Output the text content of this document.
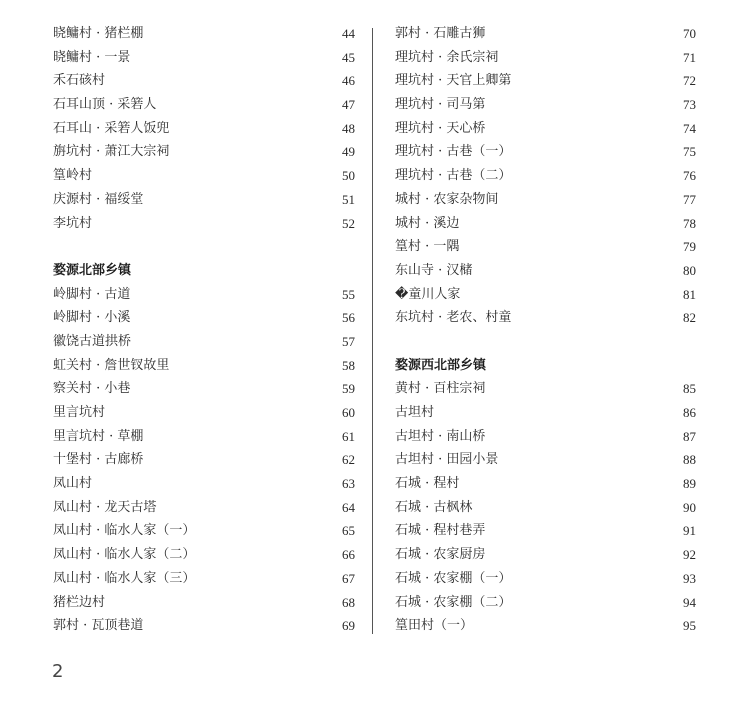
晓鳙村 · 猪栏棚	44
晓鳙村 · 一景	45
禾石硋村	46
石耳山顶 · 采箬人	47
石耳山 · 采箬人饭兜	48
旃坑村 · 萧江大宗祠	49
篁岭村	50
庆源村 · 福绥堂	51
李坑村	52
婺源北部乡镇
岭脚村 · 古道	55
岭脚村 · 小溪	56
徽饶古道拱桥	57
虹关村 · 詹世钗故里	58
察关村 · 小巷	59
里言坑村	60
里言坑村 · 草棚	61
十堡村 · 古廊桥	62
凤山村	63
凤山村 · 龙天古塔	64
凤山村 · 临水人家（一）	65
凤山村 · 临水人家（二）	66
凤山村 · 临水人家（三）	67
猪栏边村	68
郭村 · 瓦顶巷道	69
郭村 · 石雕古狮	70
理坑村 · 余氏宗祠	71
理坑村 · 天官上卿第	72
理坑村 · 司马第	73
理坑村 · 天心桥	74
理坑村 · 古巷（一）	75
理坑村 · 古巷（二）	76
城村 · 农家杂物间	77
城村 · 溪边	78
篁村 · 一隅	79
东山寺 · 汉槠	80
�童川人家	81
东坑村 · 老农、村童	82
婺源西北部乡镇
黄村 · 百柱宗祠	85
古坦村	86
古坦村 · 南山桥	87
古坦村 · 田园小景	88
石城 · 程村	89
石城 · 古枫林	90
石城 · 程村巷弄	91
石城 · 农家厨房	92
石城 · 农家棚（一）	93
石城 · 农家棚（二）	94
篁田村（一）	95
2
